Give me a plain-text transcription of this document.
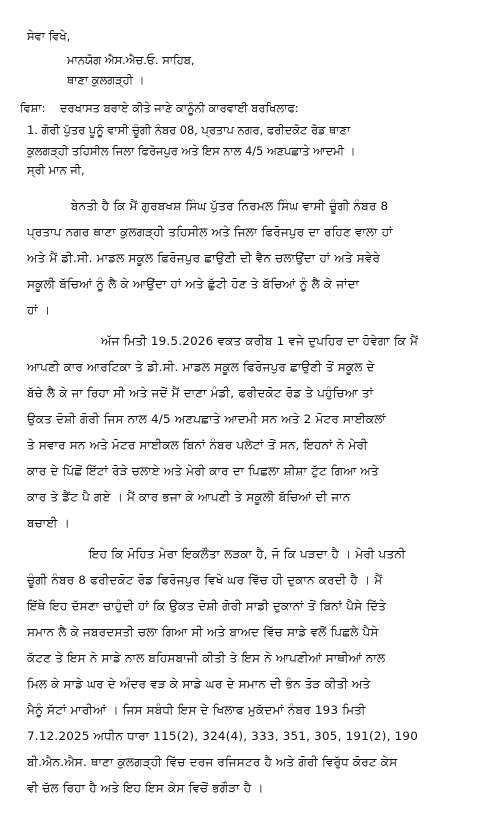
ਸੇਵਾ ਵਿਖੇ,
ਮਾਨਯੋਗ ਐਸ.ਐਚ.ਓ. ਸਾਹਿਬ,
ਥਾਣਾ ਕੁਲਗੜ੍ਹੀ ।
ਵਿਸ਼ਾ: ਦਰਖਾਸਤ ਬਰਾਏ ਕੀਤੇ ਜਾਣੇ ਕਾਨੂੰਨੀ ਕਾਰਵਾਈ ਬਰਖਿਲਾਫ:
1. ਗੋਰੀ ਪੁੱਤਰ ਪੂਨੂੰ ਵਾਸੀ ਚੂੰਗੀ ਨੰਬਰ 08, ਪ੍ਰਤਾਪ ਨਗਰ, ਫਰੀਦਕੋਟ ਰੋਡ ਥਾਣਾ
ਕੁਲਗੜ੍ਹੀ ਤਹਿਸੀਲ ਜਿਲਾ ਫਿਰੋਜਪੁਰ ਅਤੇ ਇਸ ਨਾਲ 4/5 ਅਣਪਛਾਤੇ ਆਦਮੀ ।
ਸ੍ਰੀ ਮਾਨ ਜੀ,
ਬੇਨਤੀ ਹੈ ਕਿ ਮੈਂ ਗੁਰਬਖਸ਼ ਸਿੰਘ ਪੁੱਤਰ ਨਿਰਮਲ ਸਿੰਘ ਵਾਸੀ ਚੂੰਗੀ ਨੰਬਰ 8
ਪ੍ਰਤਾਪ ਨਗਰ ਥਾਣਾ ਕੁਲਗੜ੍ਹੀ ਤਹਿਸੀਲ ਅਤੇ ਜਿਲਾ ਫਿਰੋਜਪੁਰ ਦਾ ਰਹਿਣ ਵਾਲਾ ਹਾਂ
ਅਤੇ ਮੈਂ ਡੀ.ਸੀ. ਮਾਡਲ ਸਕੂਲ ਫਿਰੋਜਪੁਰ ਛਾਉਣੀ ਦੀ ਵੈਨ ਚਲਾਉਂਦਾ ਹਾਂ ਅਤੇ ਸਵੇਰੇ
ਸਕੂਲੀ ਬੱਚਿਆਂ ਨੂੰ ਲੈ ਕੇ ਆਉਂਦਾ ਹਾਂ ਅਤੇ ਛੁੱਟੀ ਹੋਣ ਤੇ ਬੱਚਿਆਂ ਨੂੰ ਲੈ ਕੇ ਜਾਂਦਾ
ਹਾਂ ।
ਅੱਜ ਮਿਤੀ 19.5.2026 ਵਕਤ ਕਰੀਬ 1 ਵਜੇ ਦੁਪਹਿਰ ਦਾ ਹੋਵੇਗਾ ਕਿ ਮੈਂ
ਆਪਣੀ ਕਾਰ ਆਰਟਿਕਾ ਤੇ ਡੀ.ਸੀ. ਮਾਡਲ ਸਕੂਲ ਫਿਰੋਜਪੁਰ ਛਾਉਣੀ ਤੋਂ ਸਕੂਲ ਦੇ
ਬੱਚੇ ਲੈ ਕੇ ਜਾ ਰਿਹਾ ਸੀ ਅਤੇ ਜਦੋਂ ਮੈਂ ਦਾਣਾ ਮੰਡੀ, ਫਰੀਦਕੋਟ ਰੋਡ ਤੇ ਪਹੁੰਚਿਆ ਤਾਂ
ਉਕਤ ਦੋਸ਼ੀ ਗੋਰੀ ਜਿਸ ਨਾਲ 4/5 ਅਣਪਛਾਤੇ ਆਦਮੀ ਸਨ ਅਤੇ 2 ਮੋਟਰ ਸਾਈਕਲਾਂ
ਤੇ ਸਵਾਰ ਸਨ ਅਤੇ ਮੋਟਰ ਸਾਈਕਲ ਬਿਨਾਂ ਨੰਬਰ ਪਲੇਟਾਂ ਤੋਂ ਸਨ, ਇਹਨਾਂ ਨੇ ਮੇਰੀ
ਕਾਰ ਦੇ ਪਿੱਛੋਂ ਇੱਟਾਂ ਰੋੜੇ ਚਲਾਏ ਅਤੇ ਮੇਰੀ ਕਾਰ ਦਾ ਪਿਛਲਾ ਸ਼ੀਸ਼ਾ ਟੁੱਟ ਗਿਆ ਅਤੇ
ਕਾਰ ਤੇ ਡੈਂਟ ਪੈ ਗਏ । ਮੈਂ ਕਾਰ ਭਜਾ ਕੇ ਆਪਣੀ ਤੇ ਸਕੂਲੀ ਬੱਚਿਆਂ ਦੀ ਜਾਨ
ਬਚਾਈ ।
ਇਹ ਕਿ ਮੋਹਿਤ ਮੇਰਾ ਇਕਲੌਤਾ ਲੜਕਾ ਹੈ, ਜੋ ਕਿ ਪੜਦਾ ਹੈ । ਮੇਰੀ ਪਤਨੀ
ਚੂੰਗੀ ਨੰਬਰ 8 ਫਰੀਦਕੋਟ ਰੋਡ ਫਿਰੋਜਪੁਰ ਵਿਖੇ ਘਰ ਵਿੱਚ ਹੀ ਦੁਕਾਨ ਕਰਦੀ ਹੈ । ਮੈਂ
ਇੱਥੇ ਇਹ ਦੱਸਣਾ ਚਾਹੁੰਦੀ ਹਾਂ ਕਿ ਉਕਤ ਦੋਸ਼ੀ ਗੋਰੀ ਸਾਡੀ ਦੁਕਾਨਾਂ ਤੋਂ ਬਿਨਾਂ ਪੈਸੇ ਦਿੱਤੇ
ਸਮਾਨ ਲੈ ਕੇ ਜਬਰਦਸਤੀ ਚਲਾ ਗਿਆ ਸੀ ਅਤੇ ਬਾਅਦ ਵਿੱਚ ਸਾਡੇ ਵਲੋਂ ਪਿਛਲੇ ਪੈਸੇ
ਕੱਟਣ ਤੇ ਇਸ ਨੇ ਸਾਡੇ ਨਾਲ ਬਹਿਸਬਾਜੀ ਕੀਤੀ ਤੇ ਇਸ ਨੇ ਆਪਣੀਆਂ ਸਾਥੀਆਂ ਨਾਲ
ਮਿਲ ਕੇ ਸਾਡੇ ਘਰ ਦੇ ਅੰਦਰ ਵੜ ਕੇ ਸਾਡੇ ਘਰ ਦੇ ਸਮਾਨ ਦੀ ਭੰਨ ਤੋੜ ਕੀਤੀ ਅਤੇ
ਮੈਨੂੰ ਸੱਟਾਂ ਮਾਰੀਆਂ । ਜਿਸ ਸਬੰਧੀ ਇਸ ਦੇ ਖਿਲਾਫ ਮੁਕੱਦਮਾਂ ਨੰਬਰ 193 ਮਿਤੀ
7.12.2025 ਅਧੀਨ ਧਾਰਾ 115(2), 324(4), 333, 351, 305, 191(2), 190
ਬੀ.ਐਨ.ਐਸ. ਥਾਣਾ ਕੁਲਗੜ੍ਹੀ ਵਿੱਚ ਦਰਜ ਰਜਿਸਟਰ ਹੈ ਅਤੇ ਗੋਰੀ ਵਿਰੁੱਧ ਕੋਰਟ ਕੇਸ
ਵੀ ਚੱਲ ਰਿਹਾ ਹੈ ਅਤੇ ਇਹ ਇਸ ਕੇਸ ਵਿਚੋਂ ਭਗੌੜਾ ਹੈ ।
